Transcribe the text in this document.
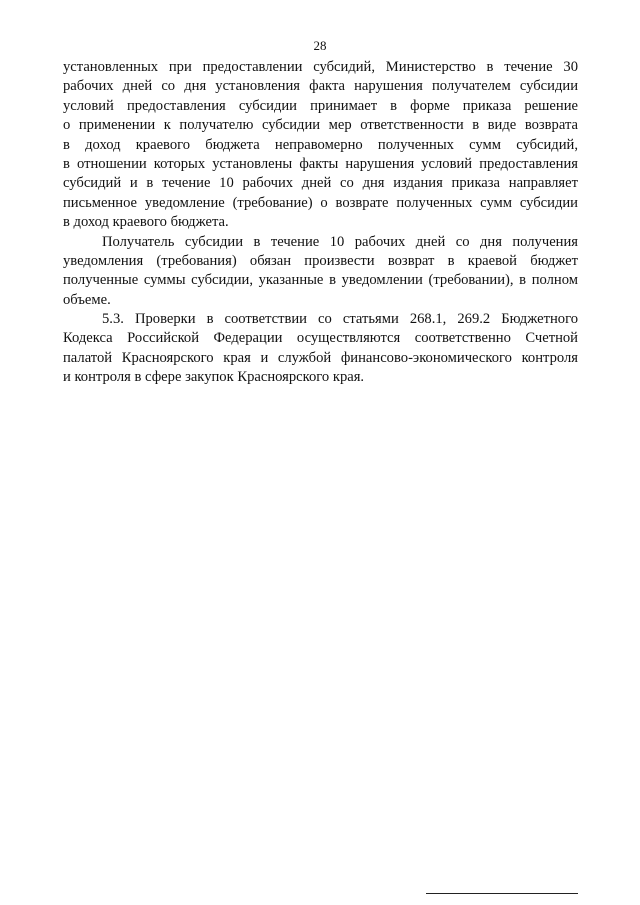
28
установленных при предоставлении субсидий, Министерство в течение 30
рабочих дней со дня установления факта нарушения получателем субсидии
условий предоставления субсидии принимает в форме приказа решение
о применении к получателю субсидии мер ответственности в виде возврата
в доход краевого бюджета неправомерно полученных сумм субсидий,
в отношении которых установлены факты нарушения условий предоставления
субсидий и в течение 10 рабочих дней со дня издания приказа направляет
письменное уведомление (требование) о возврате полученных сумм субсидии
в доход краевого бюджета.
Получатель субсидии в течение 10 рабочих дней со дня получения
уведомления (требования) обязан произвести возврат в краевой бюджет
полученные суммы субсидии, указанные в уведомлении (требовании), в полном
объеме.
5.3. Проверки в соответствии со статьями 268.1, 269.2 Бюджетного
Кодекса Российской Федерации осуществляются соответственно Счетной
палатой Красноярского края и службой финансово-экономического контроля
и контроля в сфере закупок Красноярского края.
